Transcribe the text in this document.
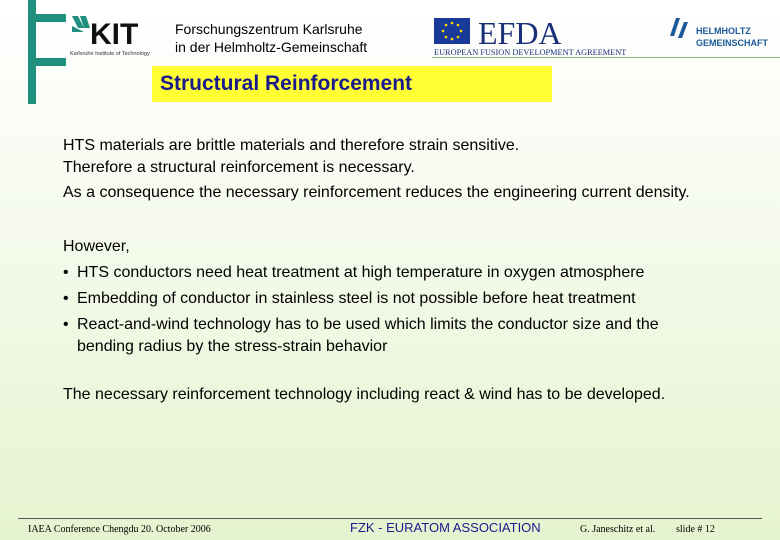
KIT
Karlsruhe Institute of Technology
Forschungszentrum Karlsruhe
in der Helmholtz-Gemeinschaft	EFDA
EUROPEAN FUSION DEVELOPMENT AGREEMENT
HELMHOLTZ
GEMEINSCHAFT
Structural Reinforcement
HTS materials are brittle materials and therefore strain sensitive.
Therefore a structural reinforcement is necessary.
As a consequence the necessary reinforcement reduces the engineering current density.
However,
• HTS conductors need heat treatment at high temperature in oxygen atmosphere
• Embedding of conductor in stainless steel is not possible before heat treatment
• React-and-wind technology has to be used which limits the conductor size and the
bending radius by the stress-strain behavior
The necessary reinforcement technology including react & wind has to be developed.
IAEA Conference Chengdu 20. October 2006	FZK - EURATOM ASSOCIATION	G. Janeschitz et al. slide # 12
